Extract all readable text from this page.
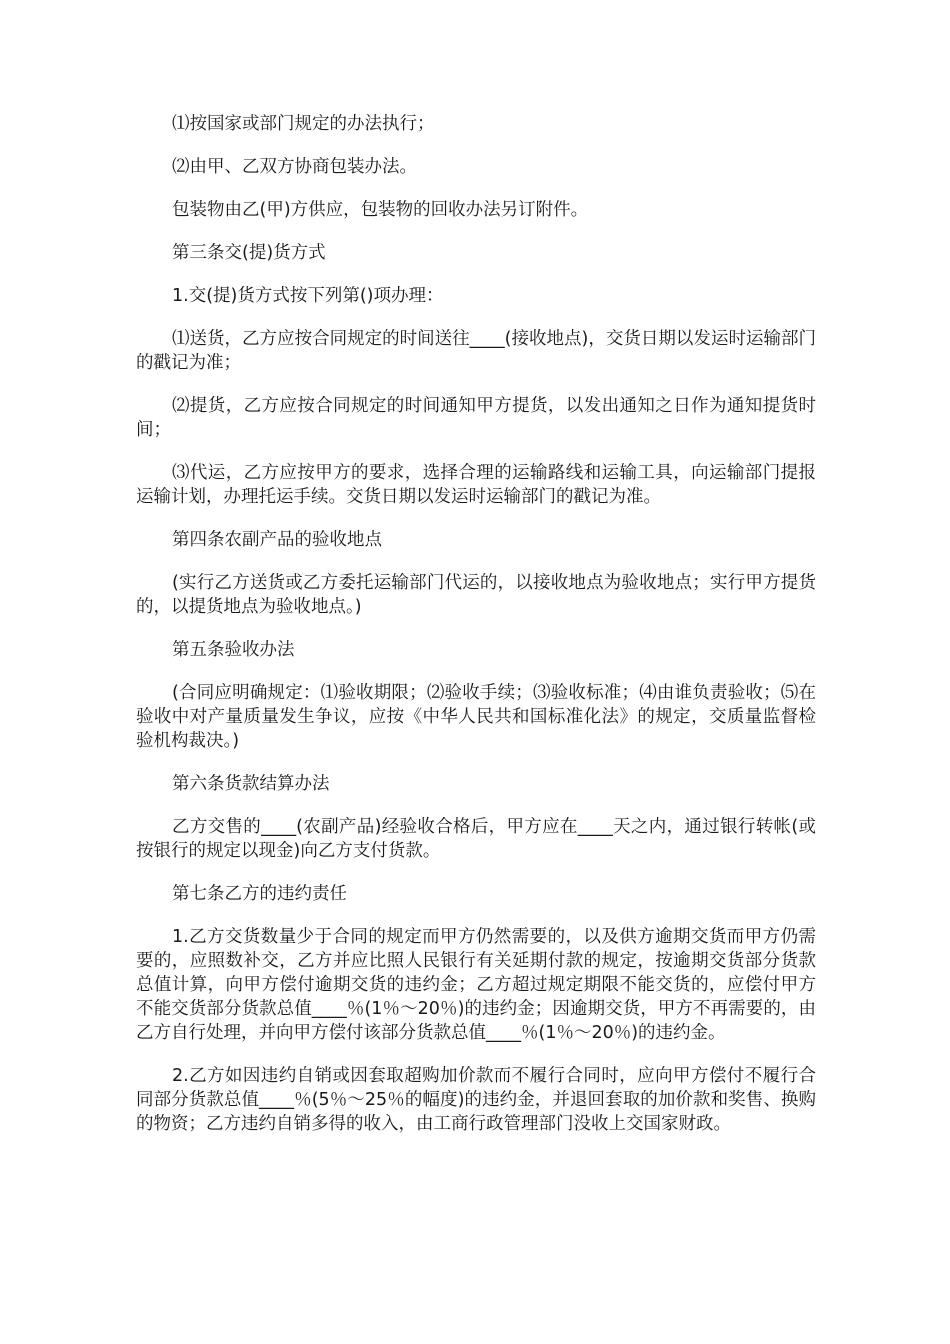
⑴按国家或部门规定的办法执行；

⑵由甲、乙双方协商包装办法。

包装物由乙(甲)方供应，包装物的回收办法另订附件。

第三条交(提)货方式

1.交(提)货方式按下列第()项办理：

⑴送货，乙方应按合同规定的时间送往____(接收地点)，交货日期以发运时运输部门的戳记为准；

⑵提货，乙方应按合同规定的时间通知甲方提货，以发出通知之日作为通知提货时间；

⑶代运，乙方应按甲方的要求，选择合理的运输路线和运输工具，向运输部门提报运输计划，办理托运手续。交货日期以发运时运输部门的戳记为准。

第四条农副产品的验收地点

(实行乙方送货或乙方委托运输部门代运的，以接收地点为验收地点；实行甲方提货的，以提货地点为验收地点。)

第五条验收办法

(合同应明确规定：⑴验收期限；⑵验收手续；⑶验收标准；⑷由谁负责验收；⑸在验收中对产量质量发生争议，应按《中华人民共和国标准化法》的规定，交质量监督检验机构裁决。)

第六条货款结算办法

乙方交售的____(农副产品)经验收合格后，甲方应在____天之内，通过银行转帐(或按银行的规定以现金)向乙方支付货款。

第七条乙方的违约责任

1.乙方交货数量少于合同的规定而甲方仍然需要的，以及供方逾期交货而甲方仍需要的，应照数补交，乙方并应比照人民银行有关延期付款的规定，按逾期交货部分货款总值计算，向甲方偿付逾期交货的违约金；乙方超过规定期限不能交货的，应偿付甲方不能交货部分货款总值____％(1％～20％)的违约金；因逾期交货，甲方不再需要的，由乙方自行处理，并向甲方偿付该部分货款总值____％(1％～20％)的违约金。

2.乙方如因违约自销或因套取超购加价款而不履行合同时，应向甲方偿付不履行合同部分货款总值____％(5％～25％的幅度)的违约金，并退回套取的加价款和奖售、换购的物资；乙方违约自销多得的收入，由工商行政管理部门没收上交国家财政。
